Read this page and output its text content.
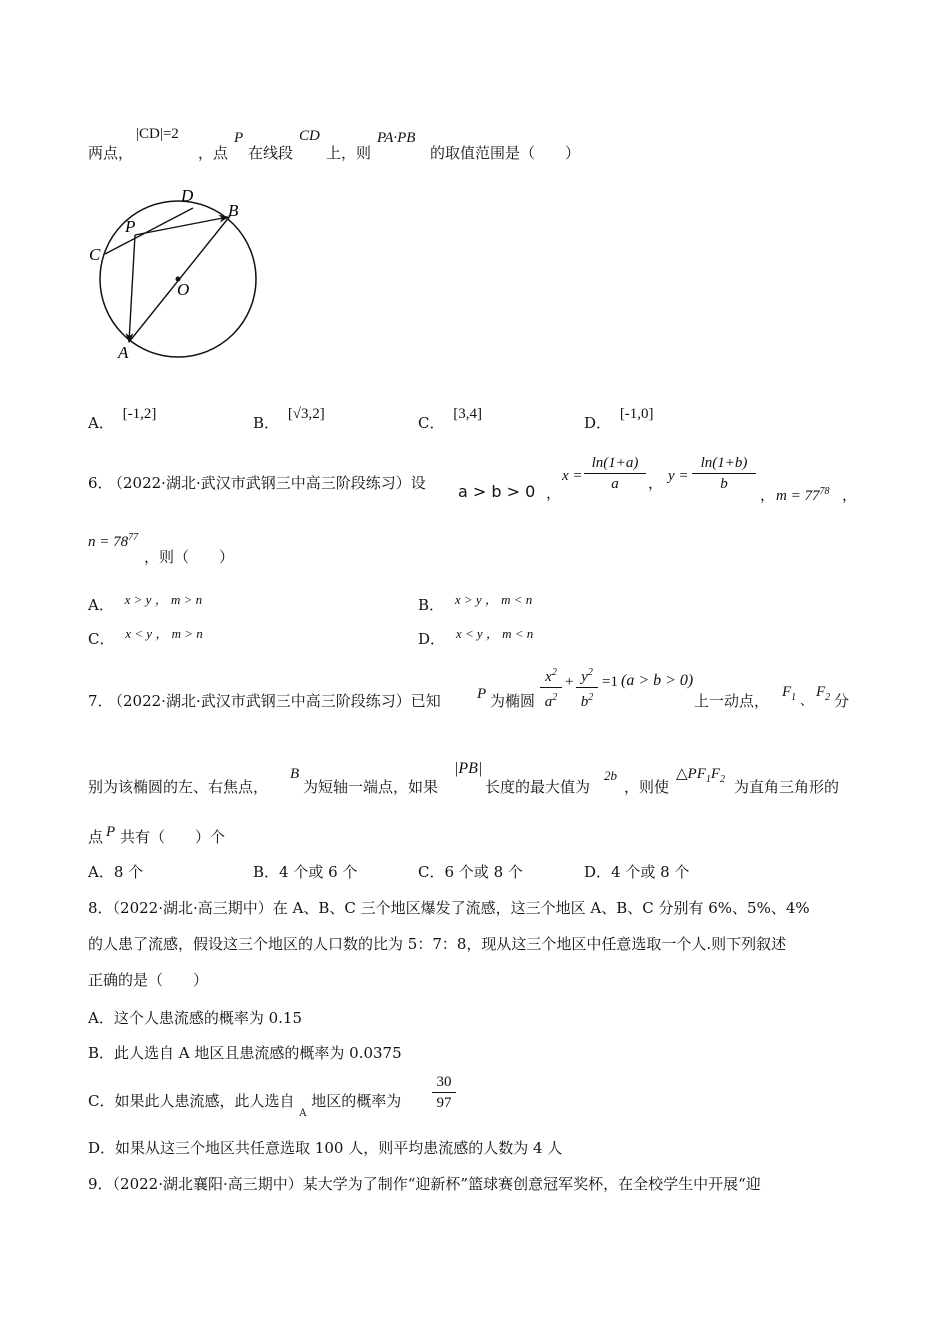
两点，
|CD|=2
，点
P
在线段
CD
上，则
PA·PB
的取值范围是（　　）
D
B
P
C
O
A
A． [-1,2]	B． [√3,2]	C． [3,4]	D． [-1,0]
6．
（2022·湖北·武汉市武钢三中高三阶段练习）设 a > b > 0 ，
x =
ln(1+a)
a	， y =
ln(1+b)
b
， $m = 77^{78}$ ，
$n = 78^{77}$
，则（　　）
A． x > y ， m > n	B． x > y ， m < n
C． x < y ， m > n	D． x < y ， m < n
7．
（2022·湖北·武汉市武钢三中高三阶段练习）已知 P 为椭圆
$x^2$
$a^2$
+ $y^2$
$b^2$
=1 (a > b > 0)
上一动点， $F_1$ 、
$F_2$ 分
别为该椭圆的左、右焦点，
B
为短轴一端点，如果
|PB|
长度的最大值为
2b
，则使
$\triangle PF_1F_2$ 为直角三角形的
点 P 共有（　　）个
A．8 个	B．4 个或 6 个	C．6 个或 8 个	D．4 个或 8 个
8．（2022·湖北·高三期中）在 A、B、C 三个地区爆发了流感，这三个地区 A、B、C 分别有 6%、5%、4%
的人患了流感，假设这三个地区的人口数的比为 5：7：8，现从这三个地区中任意选取一个人.则下列叙述
正确的是（　　）
A．这个人患流感的概率为 0.15
B．此人选自 A 地区且患流感的概率为 0.0375
C．如果此人患流感，此人选自 $_A$ 地区的概率为
30
97
D．如果从这三个地区共任意选取 100 人，则平均患流感的人数为 4 人
9．（2022·湖北襄阳·高三期中）某大学为了制作“迎新杯”篮球赛创意冠军奖杯，在全校学生中开展“迎
